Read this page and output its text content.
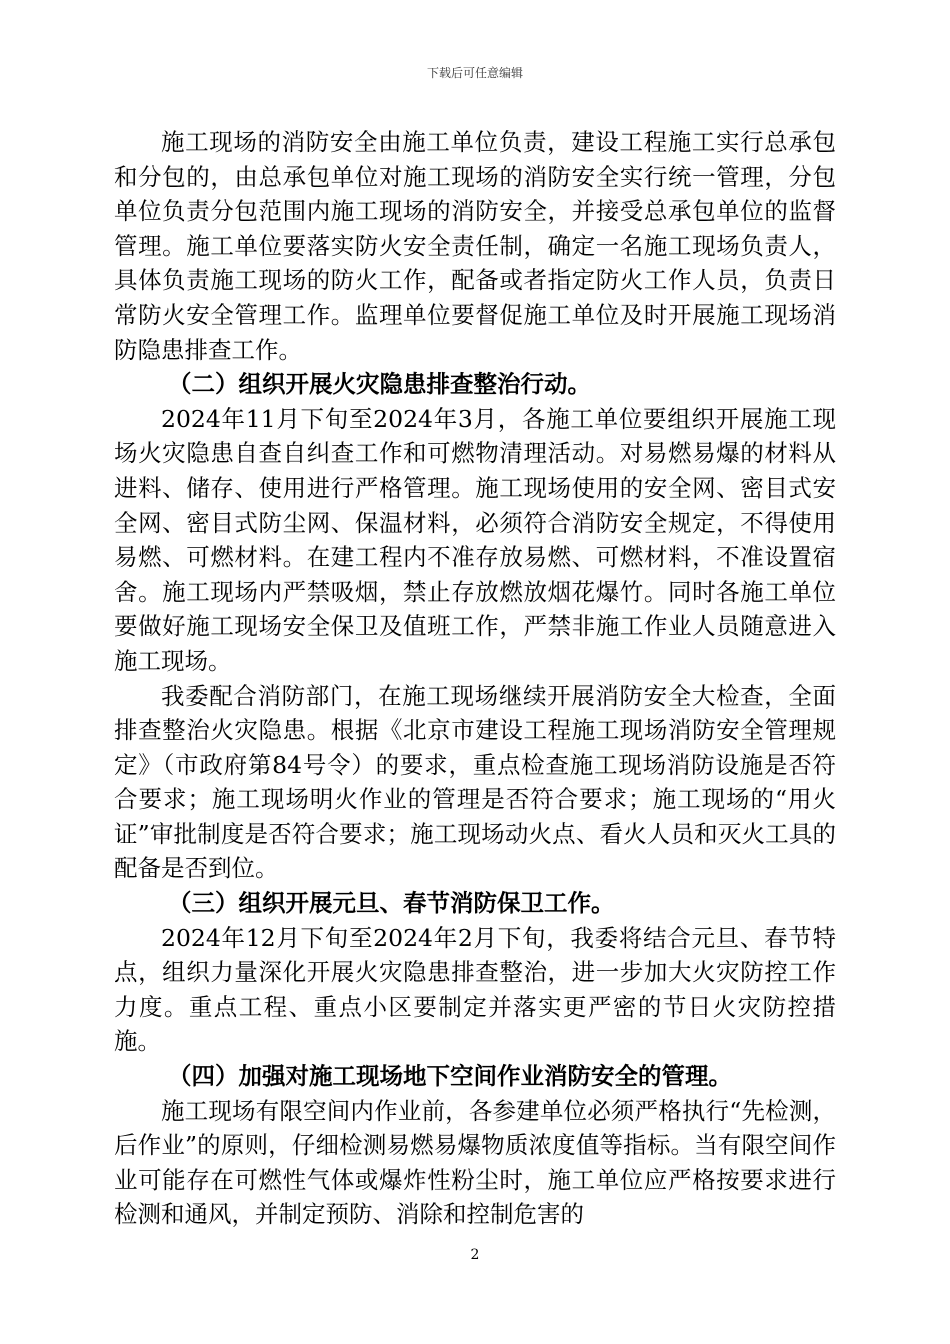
下载后可任意编辑

施工现场的消防安全由施工单位负责，建设工程施工实行总承包和分包的，由总承包单位对施工现场的消防安全实行统一管理，分包单位负责分包范围内施工现场的消防安全，并接受总承包单位的监督管理。施工单位要落实防火安全责任制，确定一名施工现场负责人，具体负责施工现场的防火工作，配备或者指定防火工作人员，负责日常防火安全管理工作。监理单位要督促施工单位及时开展施工现场消防隐患排查工作。

（二）组织开展火灾隐患排查整治行动。

2024年11月下旬至2024年3月，各施工单位要组织开展施工现场火灾隐患自查自纠查工作和可燃物清理活动。对易燃易爆的材料从进料、储存、使用进行严格管理。施工现场使用的安全网、密目式安全网、密目式防尘网、保温材料，必须符合消防安全规定，不得使用易燃、可燃材料。在建工程内不准存放易燃、可燃材料，不准设置宿舍。施工现场内严禁吸烟，禁止存放燃放烟花爆竹。同时各施工单位要做好施工现场安全保卫及值班工作，严禁非施工作业人员随意进入施工现场。

我委配合消防部门，在施工现场继续开展消防安全大检查，全面排查整治火灾隐患。根据《北京市建设工程施工现场消防安全管理规定》（市政府第84号令）的要求，重点检查施工现场消防设施是否符合要求；施工现场明火作业的管理是否符合要求；施工现场的“用火证”审批制度是否符合要求；施工现场动火点、看火人员和灭火工具的配备是否到位。

（三）组织开展元旦、春节消防保卫工作。

2024年12月下旬至2024年2月下旬，我委将结合元旦、春节特点，组织力量深化开展火灾隐患排查整治，进一步加大火灾防控工作力度。重点工程、重点小区要制定并落实更严密的节日火灾防控措施。

（四）加强对施工现场地下空间作业消防安全的管理。

施工现场有限空间内作业前，各参建单位必须严格执行“先检测，后作业”的原则，仔细检测易燃易爆物质浓度值等指标。当有限空间作业可能存在可燃性气体或爆炸性粉尘时，施工单位应严格按要求进行检测和通风，并制定预防、消除和控制危害的

2
